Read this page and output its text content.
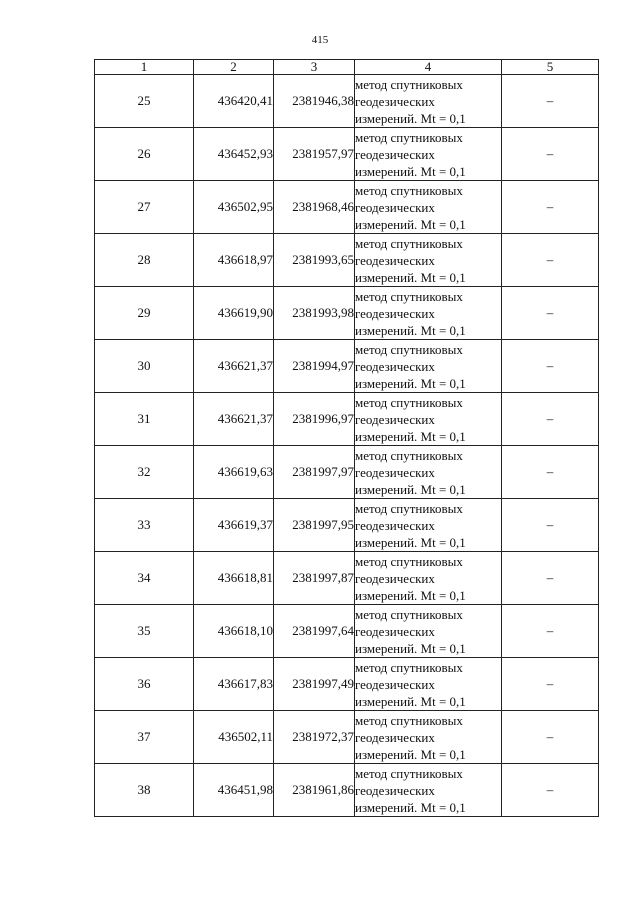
415
1	2	3	4	5
25	436420,41	2381946,38	метод спутниковых
геодезических
измерений. Mt = 0,1	–
26	436452,93	2381957,97	метод спутниковых
геодезических
измерений. Mt = 0,1	–
27	436502,95	2381968,46	метод спутниковых
геодезических
измерений. Mt = 0,1	–
28	436618,97	2381993,65	метод спутниковых
геодезических
измерений. Mt = 0,1	–
29	436619,90	2381993,98	метод спутниковых
геодезических
измерений. Mt = 0,1	–
30	436621,37	2381994,97	метод спутниковых
геодезических
измерений. Mt = 0,1	–
31	436621,37	2381996,97	метод спутниковых
геодезических
измерений. Mt = 0,1	–
32	436619,63	2381997,97	метод спутниковых
геодезических
измерений. Mt = 0,1	–
33	436619,37	2381997,95	метод спутниковых
геодезических
измерений. Mt = 0,1	–
34	436618,81	2381997,87	метод спутниковых
геодезических
измерений. Mt = 0,1	–
35	436618,10	2381997,64	метод спутниковых
геодезических
измерений. Mt = 0,1	–
36	436617,83	2381997,49	метод спутниковых
геодезических
измерений. Mt = 0,1	–
37	436502,11	2381972,37	метод спутниковых
геодезических
измерений. Mt = 0,1	–
38	436451,98	2381961,86	метод спутниковых
геодезических
измерений. Mt = 0,1	–
